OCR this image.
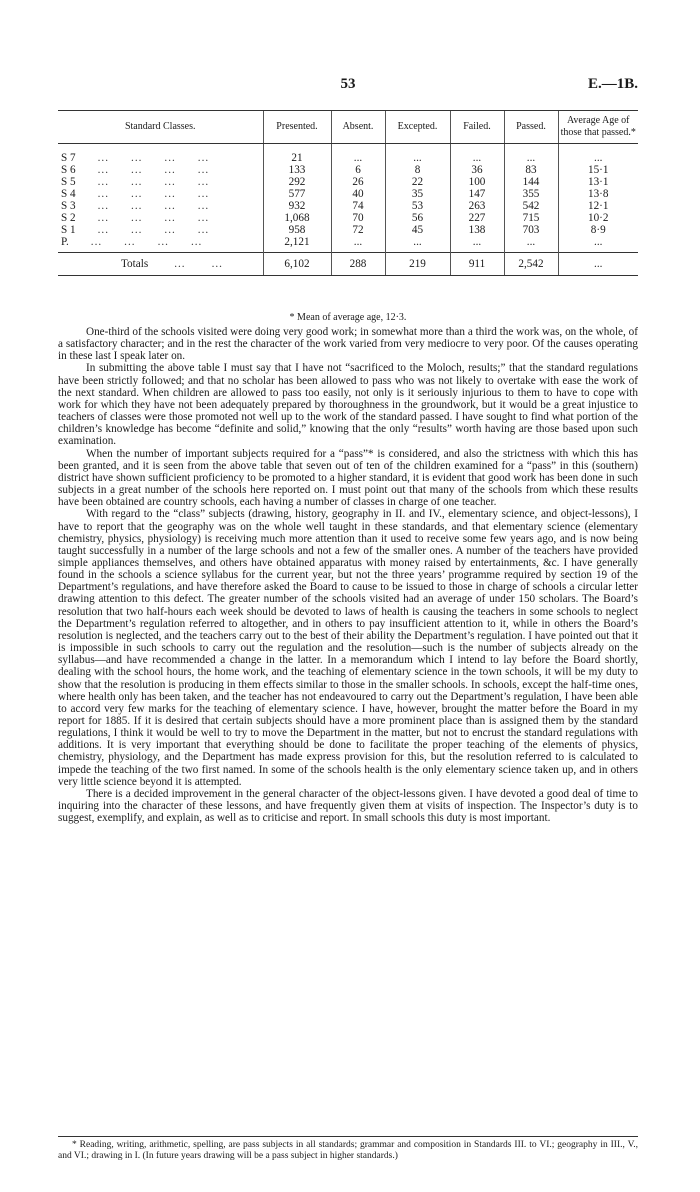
53	E.—1B.
Standard Classes.	Presented.	Absent.	Excepted.	Failed.	Passed.	Average Age of those that passed.*
S 7 ... ... ... ...	21	...	...	...	...	...
S 6 ... ... ... ...	133	6	8	36	83	15·1
S 5 ... ... ... ...	292	26	22	100	144	13·1
S 4 ... ... ... ...	577	40	35	147	355	13·8
S 3 ... ... ... ...	932	74	53	263	542	12·1
S 2 ... ... ... ...	1,068	70	56	227	715	10·2
S 1 ... ... ... ...	958	72	45	138	703	8·9
P. ... ... ... ...	2,121	...	...	...	...	...
Totals ... ...	6,102	288	219	911	2,542	...
* Mean of average age, 12·3.

One-third of the schools visited were doing very good work; in somewhat more than a third the work was, on the whole, of a satisfactory character; and in the rest the character of the work varied from very mediocre to very poor. Of the causes operating in these last I speak later on.

In submitting the above table I must say that I have not “sacrificed to the Moloch, results;” that the standard regulations have been strictly followed; and that no scholar has been allowed to pass who was not likely to overtake with ease the work of the next standard. When children are allowed to pass too easily, not only is it seriously injurious to them to have to cope with work for which they have not been adequately prepared by thoroughness in the groundwork, but it would be a great injustice to teachers of classes were those promoted not well up to the work of the standard passed. I have sought to find what portion of the children’s knowledge has become “definite and solid,” knowing that the only “results” worth having are those based upon such examination.

When the number of important subjects required for a “pass”* is considered, and also the strictness with which this has been granted, and it is seen from the above table that seven out of ten of the children examined for a “pass” in this (southern) district have shown sufficient proficiency to be promoted to a higher standard, it is evident that good work has been done in such subjects in a great number of the schools here reported on. I must point out that many of the schools from which these results have been obtained are country schools, each having a number of classes in charge of one teacher.

With regard to the “class” subjects (drawing, history, geography in II. and IV., elementary science, and object-lessons), I have to report that the geography was on the whole well taught in these standards, and that elementary science (elementary chemistry, physics, physiology) is receiving much more attention than it used to receive some few years ago, and is now being taught successfully in a number of the large schools and not a few of the smaller ones. A number of the teachers have provided simple appliances themselves, and others have obtained apparatus with money raised by entertainments, &c. I have generally found in the schools a science syllabus for the current year, but not the three years’ programme required by section 19 of the Department’s regulations, and have therefore asked the Board to cause to be issued to those in charge of schools a circular letter drawing attention to this defect. The greater number of the schools visited had an average of under 150 scholars. The Board’s resolution that two half-hours each week should be devoted to laws of health is causing the teachers in some schools to neglect the Department’s regulation referred to altogether, and in others to pay insufficient attention to it, while in others the Board’s resolution is neglected, and the teachers carry out to the best of their ability the Department’s regulation. I have pointed out that it is impossible in such schools to carry out the regulation and the resolution—such is the number of subjects already on the syllabus—and have recommended a change in the latter. In a memorandum which I intend to lay before the Board shortly, dealing with the school hours, the home work, and the teaching of elementary science in the town schools, it will be my duty to show that the resolution is producing in them effects similar to those in the smaller schools. In schools, except the half-time ones, where health only has been taken, and the teacher has not endeavoured to carry out the Department’s regulation, I have been able to accord very few marks for the teaching of elementary science. I have, however, brought the matter before the Board in my report for 1885. If it is desired that certain subjects should have a more prominent place than is assigned them by the standard regulations, I think it would be well to try to move the Department in the matter, but not to encrust the standard regulations with additions. It is very important that everything should be done to facilitate the proper teaching of the elements of physics, chemistry, physiology, and the Department has made express provision for this, but the resolution referred to is calculated to impede the teaching of the two first named. In some of the schools health is the only elementary science taken up, and in others very little science beyond it is attempted.

There is a decided improvement in the general character of the object-lessons given. I have devoted a good deal of time to inquiring into the character of these lessons, and have frequently given them at visits of inspection. The Inspector’s duty is to suggest, exemplify, and explain, as well as to criticise and report. In small schools this duty is most important.

* Reading, writing, arithmetic, spelling, are pass subjects in all standards; grammar and composition in Standards III. to VI.; geography in III., V., and VI.; drawing in I. (In future years drawing will be a pass subject in higher standards.)
